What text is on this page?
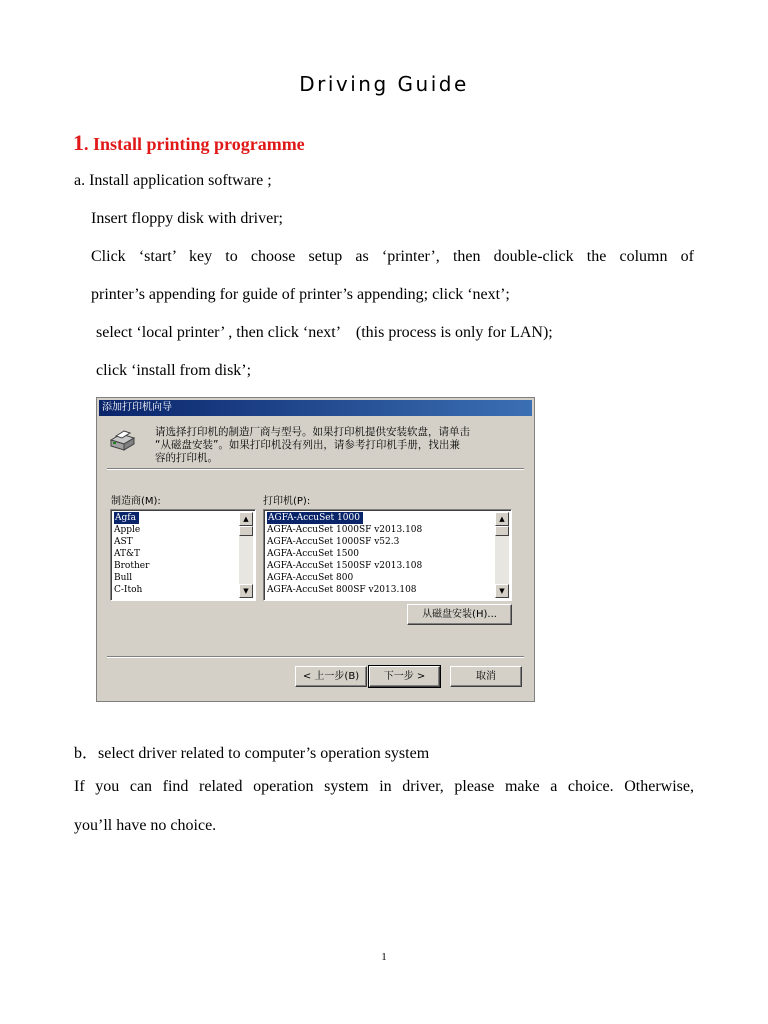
Driving Guide
1. Install printing programme
a. Install application software ;
Insert floppy disk with driver;
Click ‘start’ key to choose setup as ‘printer’, then double-click the column of
printer’s appending for guide of printer’s appending; click ‘next’;
select ‘local printer’ , then click ‘next’    (this process is only for LAN);
click ‘install from disk’;
添加打印机向导
请选择打印机的制造厂商与型号。如果打印机提供安装软盘，请单击
“从磁盘安装”。如果打印机没有列出，请参考打印机手册，找出兼
容的打印机。
制造商(M):	打印机(P):
Agfa
Apple
AST
AT&T
Brother
Bull
C-Itoh
▲
▼
AGFA-AccuSet 1000
AGFA-AccuSet 1000SF v2013.108
AGFA-AccuSet 1000SF v52.3
AGFA-AccuSet 1500
AGFA-AccuSet 1500SF v2013.108
AGFA-AccuSet 800
AGFA-AccuSet 800SF v2013.108
▲
▼
从磁盘安装(H)...
< 上一步(B)	下一步 >	取消
b．select driver related to computer’s operation system
If you can find related operation system in driver, please make a choice. Otherwise,
you’ll have no choice.
1
